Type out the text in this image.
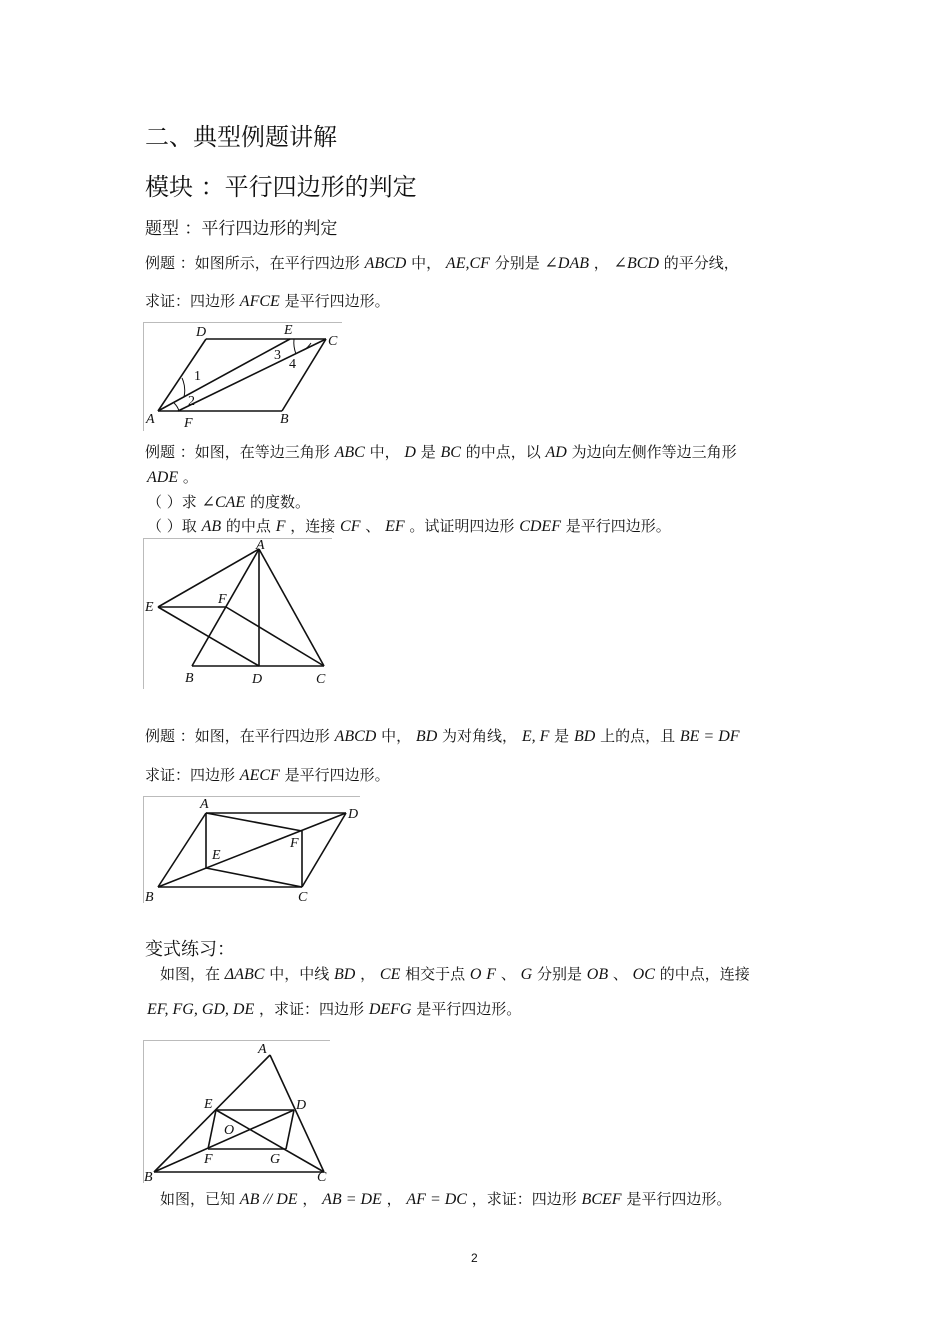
二、典型例题讲解
模块 ：平行四边形的判定
题型 ：平行四边形的判定
例题 ：如图所示，在平行四边形 ABCD 中， AE,CF 分别是 ∠DAB ， ∠BCD 的平分线，
求证：四边形 AFCE 是平行四边形。
D	E
C
A F	B
1
2
3
4
例题 ：如图，在等边三角形 ABC 中， D 是 BC 的中点，以 AD 为边向左侧作等边三角形
ADE 。
（ ）求 ∠CAE 的度数。
（ ）取 AB 的中点 F ，连接 CF 、 EF 。试证明四边形 CDEF 是平行四边形。
A
E
F
B	D	C
例题 ：如图，在平行四边形 ABCD 中， BD 为对角线， E, F 是 BD 上的点，且 BE = DF
求证：四边形 AECF 是平行四边形。
A
D
E
F
B	C
变式练习：
如图，在 ΔABC 中，中线 BD ， CE 相交于点 O F 、 G 分别是 OB 、 OC 的中点，连接
EF, FG, GD, DE ，求证：四边形 DEFG 是平行四边形。
A
E	D
O
F	G
B	C
如图，已知 AB // DE ， AB = DE ， AF = DC ，求证：四边形 BCEF 是平行四边形。
2
